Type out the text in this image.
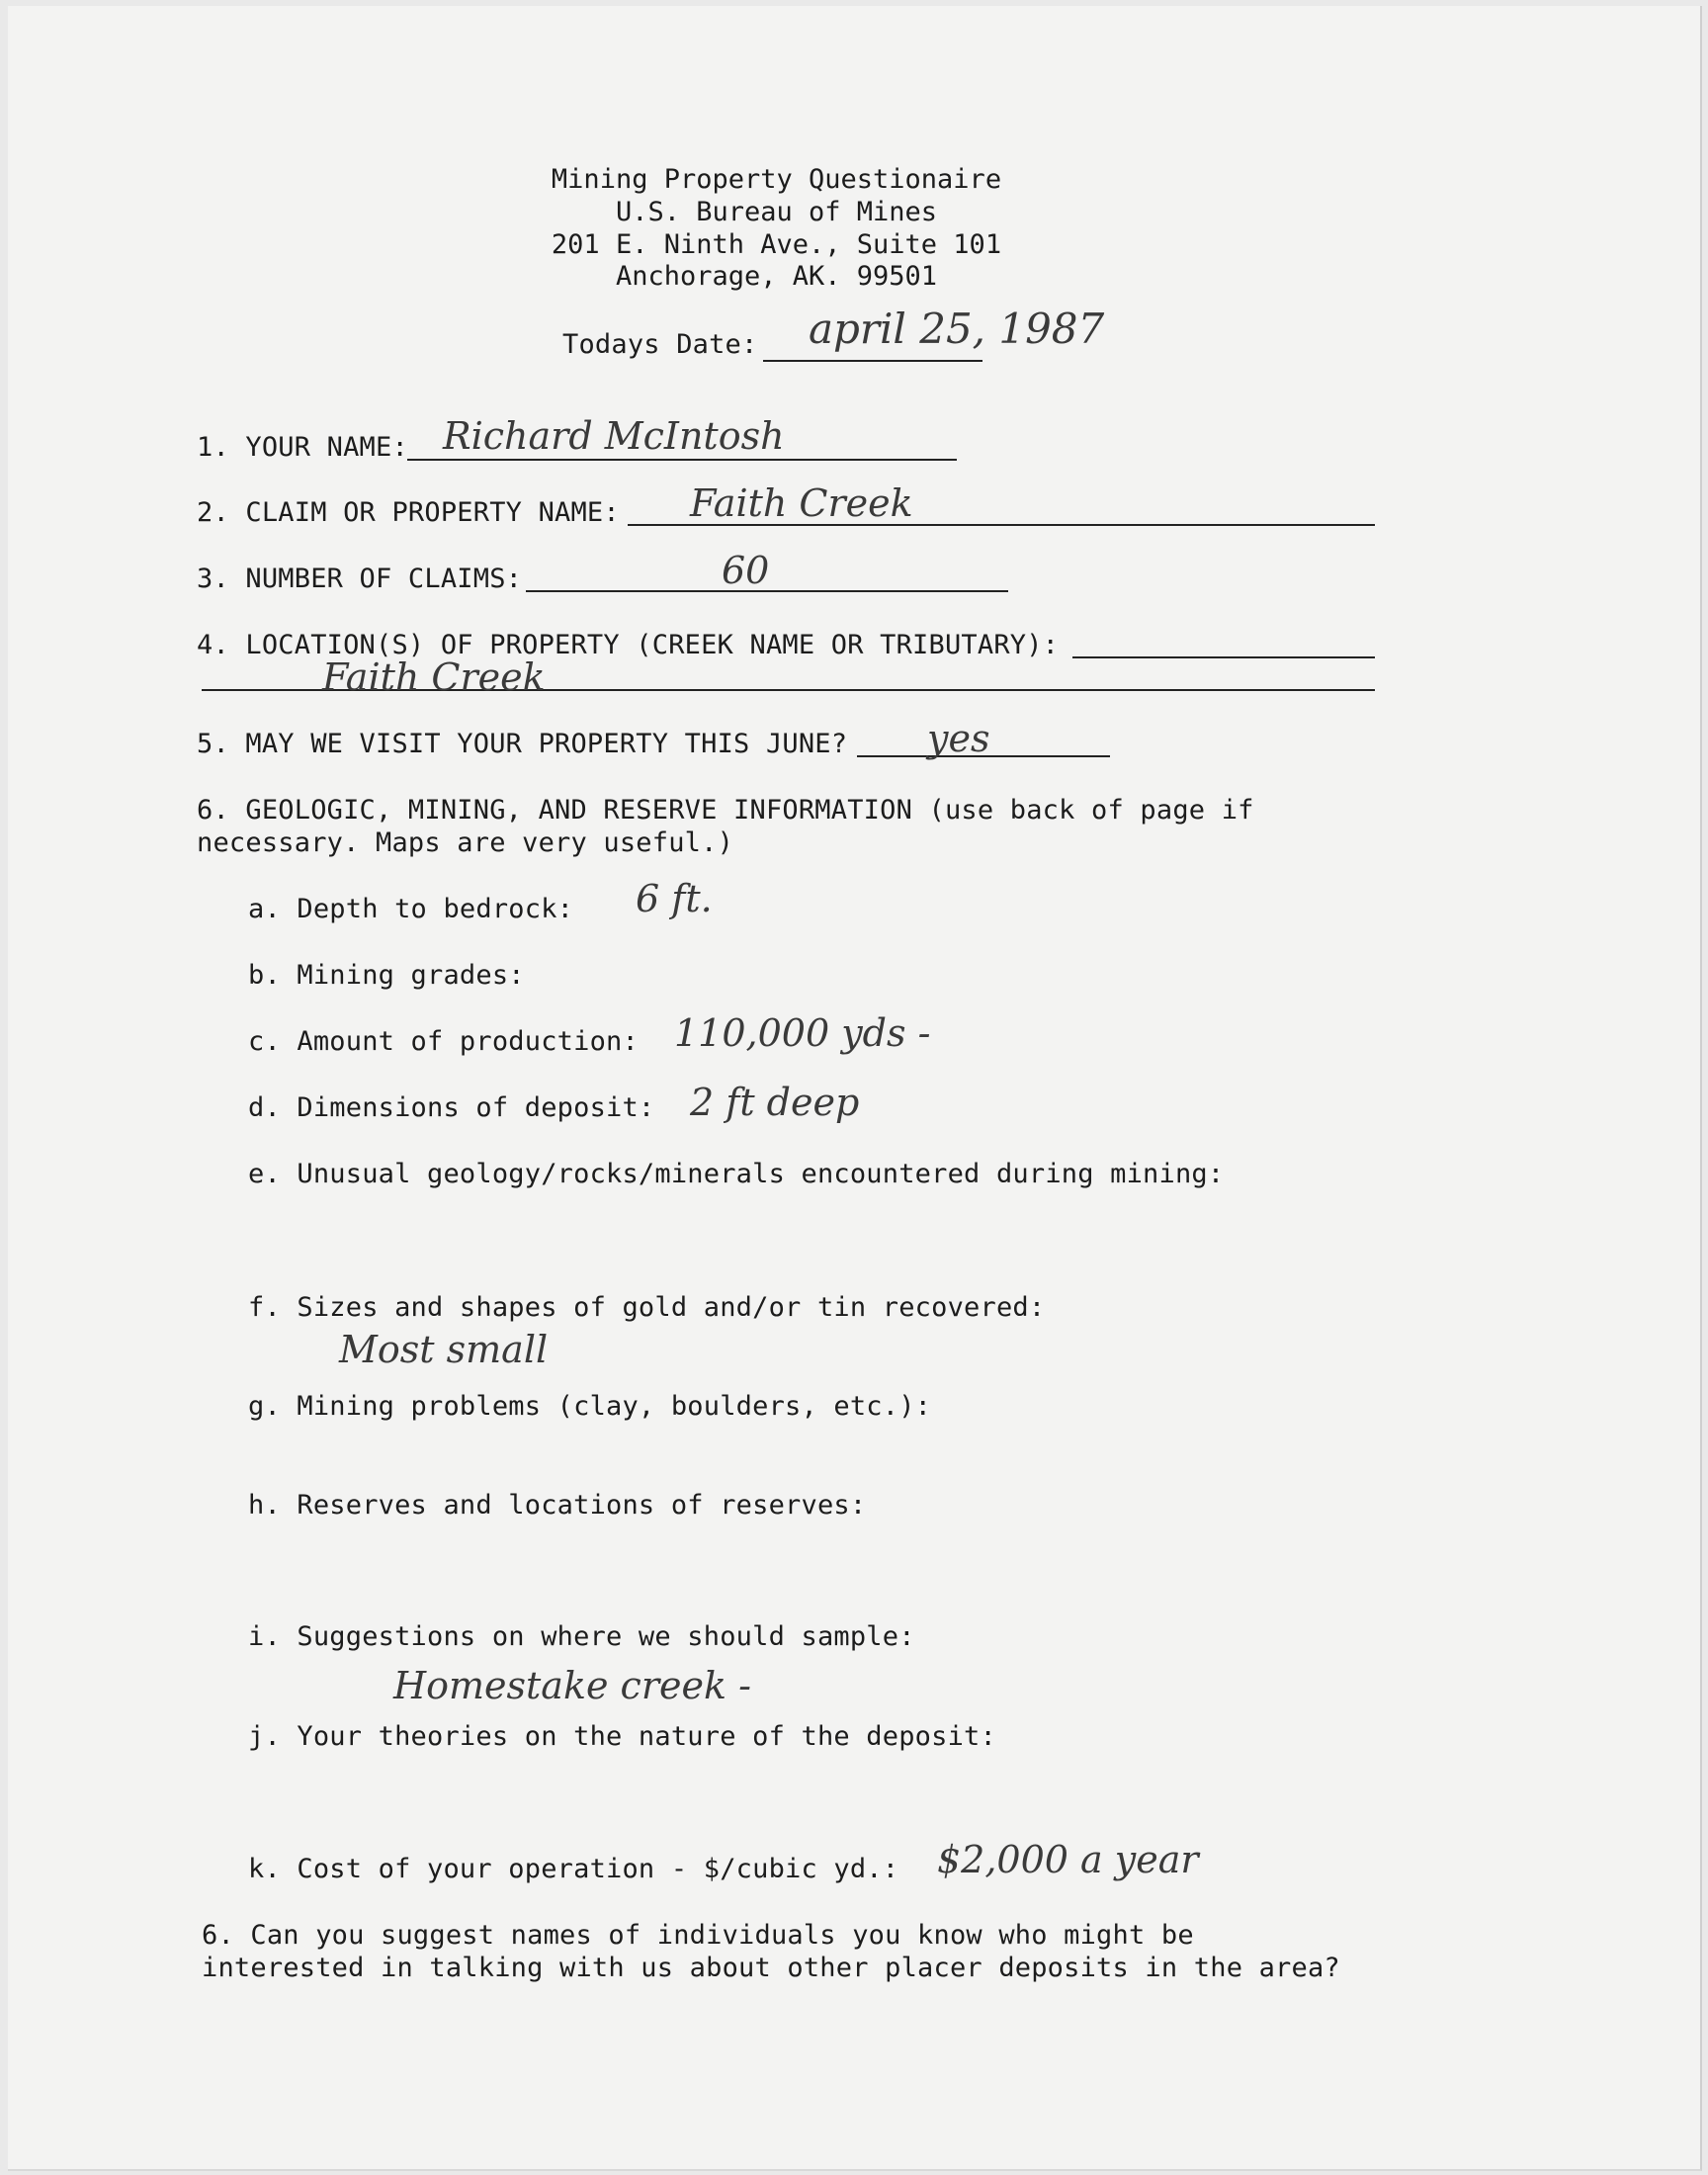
Mining Property Questionaire
U.S. Bureau of Mines
201 E. Ninth Ave., Suite 101
Anchorage, AK. 99501
Todays Date: april 25, 1987
1. YOUR NAME: Richard McIntosh
2. CLAIM OR PROPERTY NAME: Faith Creek
3. NUMBER OF CLAIMS:	60
4. LOCATION(S) OF PROPERTY (CREEK NAME OR TRIBUTARY):
Faith Creek
5. MAY WE VISIT YOUR PROPERTY THIS JUNE? yes
6. GEOLOGIC, MINING, AND RESERVE INFORMATION (use back of page if
necessary. Maps are very useful.)
a. Depth to bedrock: 6 ft.
b. Mining grades:
c. Amount of production: 110,000 yds -
d. Dimensions of deposit: 2 ft deep
e. Unusual geology/rocks/minerals encountered during mining:
f. Sizes and shapes of gold and/or tin recovered:
Most small
g. Mining problems (clay, boulders, etc.):
h. Reserves and locations of reserves:
i. Suggestions on where we should sample:
Homestake creek -
j. Your theories on the nature of the deposit:
k. Cost of your operation - $/cubic yd.: $2,000 a year
6. Can you suggest names of individuals you know who might be
interested in talking with us about other placer deposits in the area?
